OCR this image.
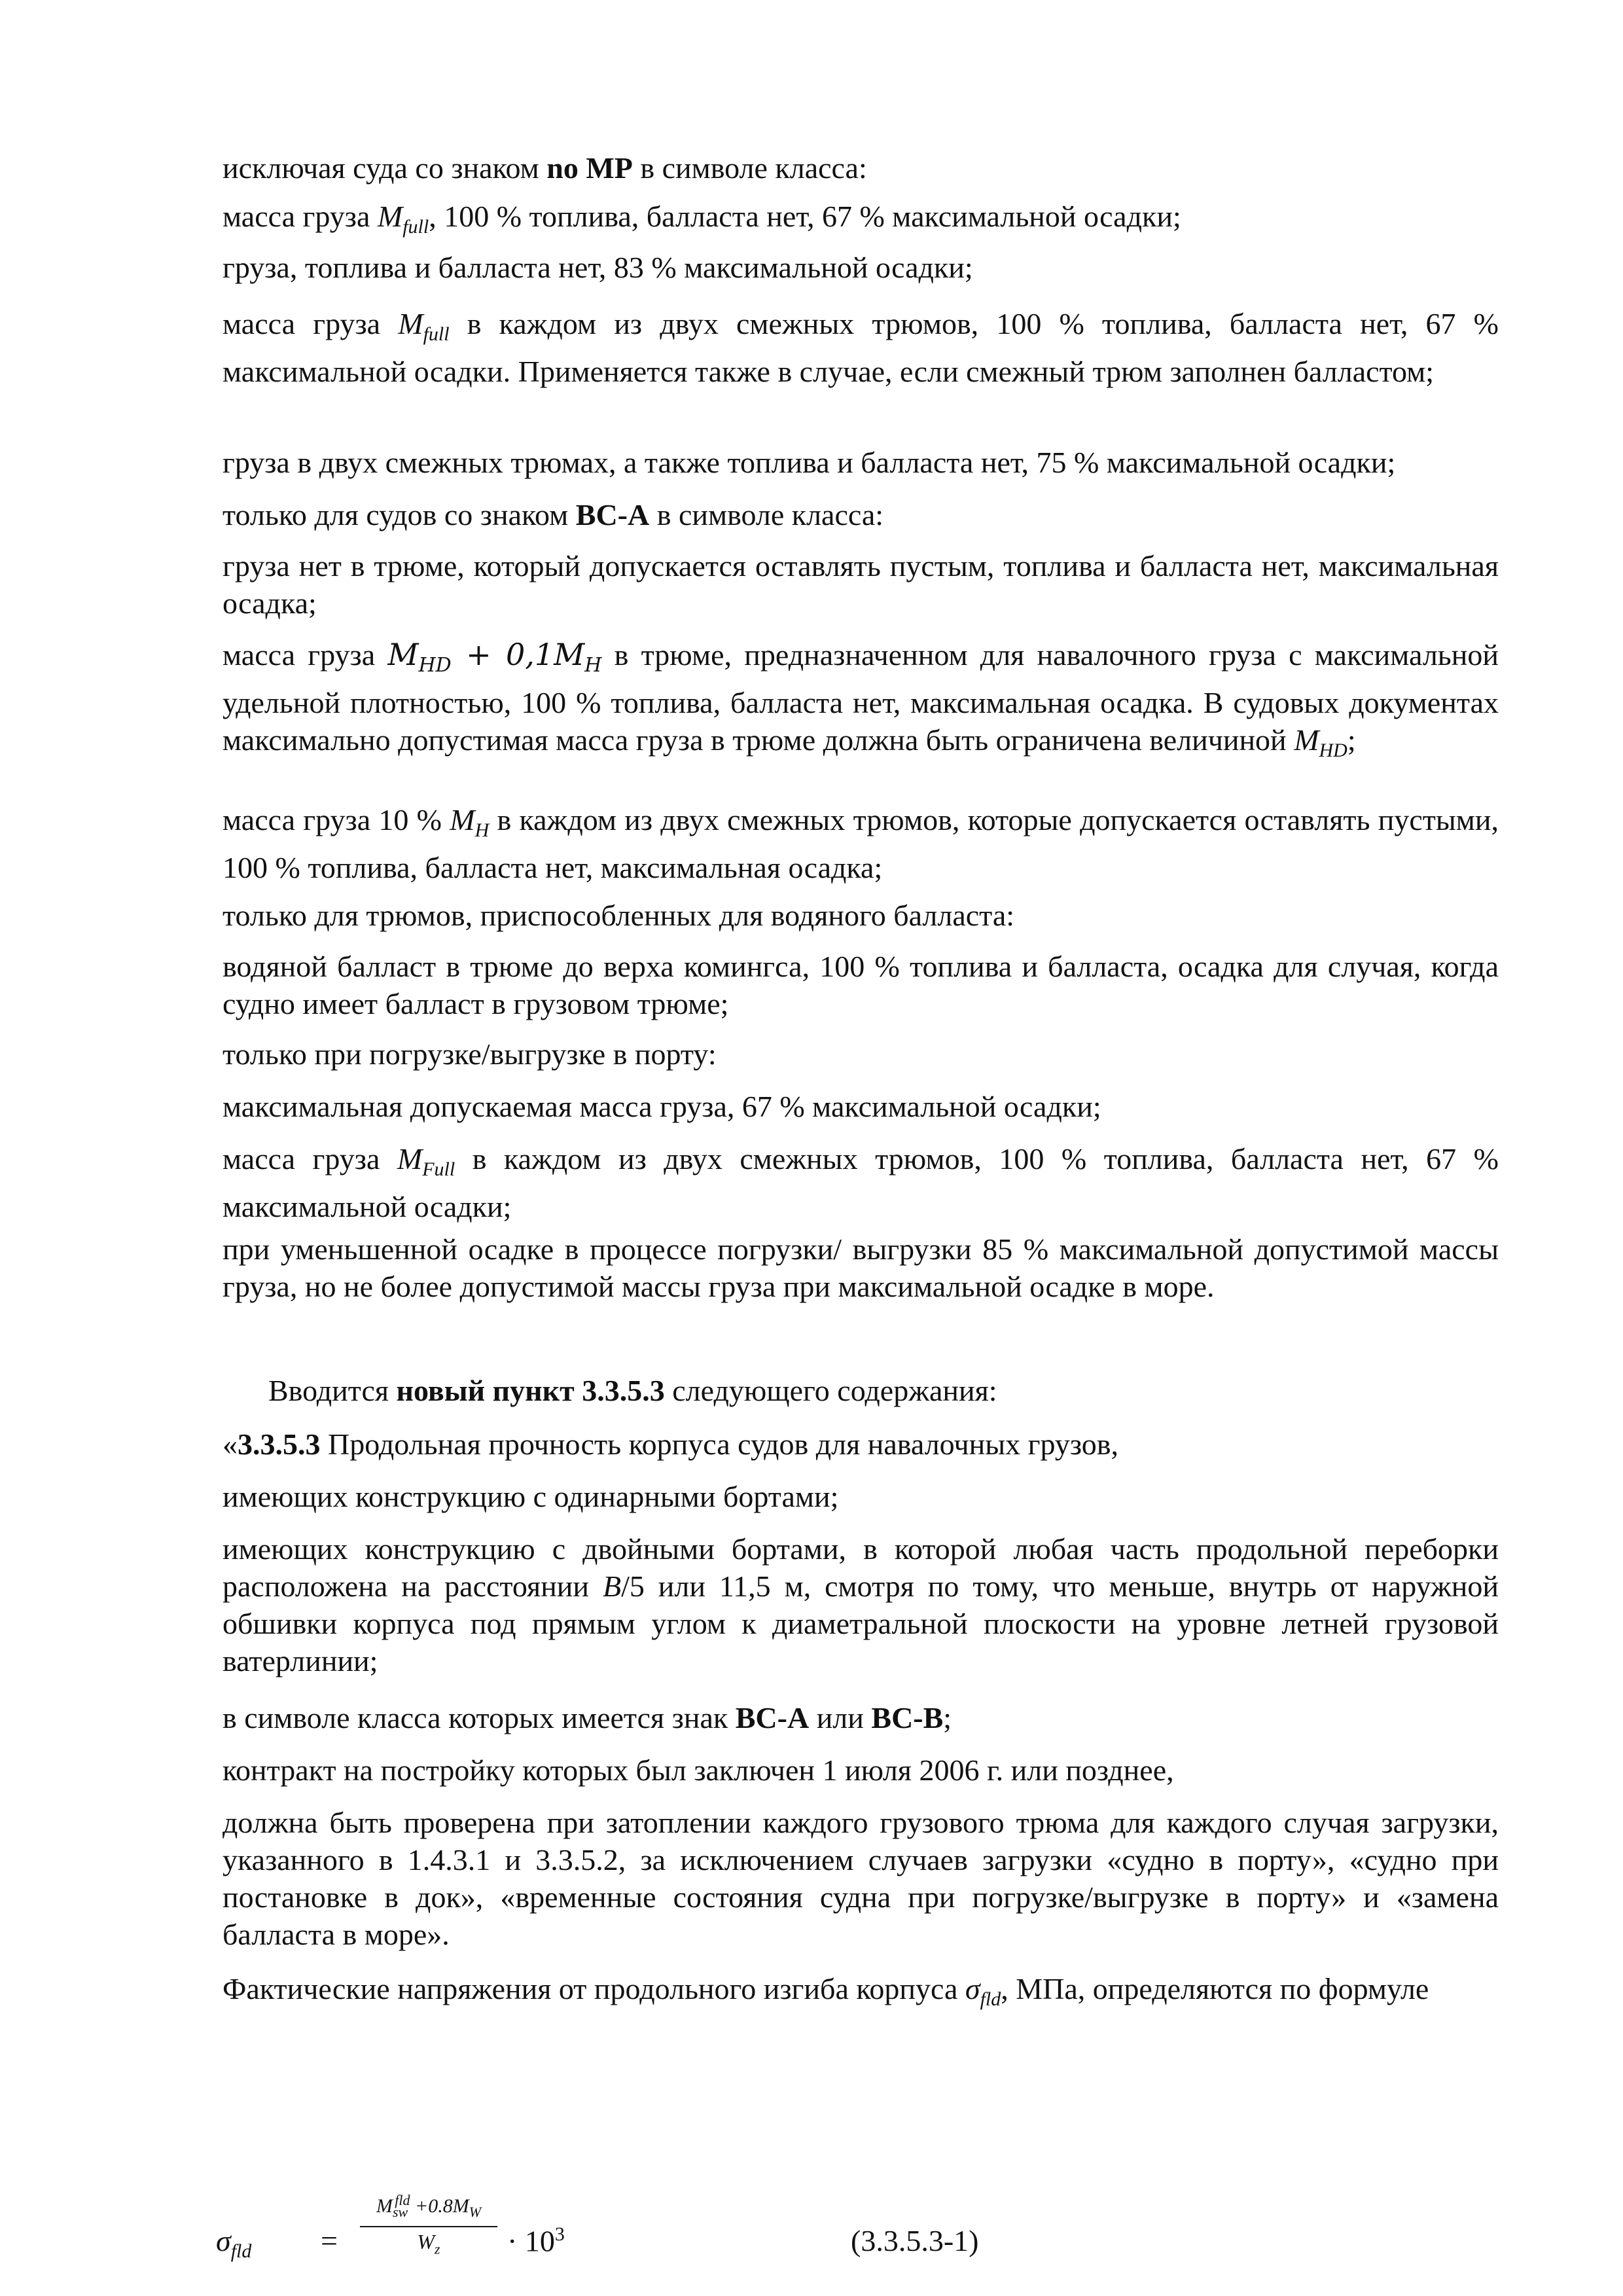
исключая суда со знаком no MP в символе класса:

масса груза $M_{full}$, 100 % топлива, балласта нет, 67 % максимальной осадки;

груза, топлива и балласта нет, 83 % максимальной осадки;

масса груза $M_{full}$ в каждом из двух смежных трюмов, 100 % топлива, балласта нет, 67 % максимальной осадки. Применяется также в случае, если смежный трюм заполнен балластом;

груза в двух смежных трюмах, а также топлива и балласта нет, 75 % максимальной осадки;

только для судов со знаком BC-A в символе класса:

груза нет в трюме, который допускается оставлять пустым, топлива и балласта нет, максимальная осадка;

масса груза $M_{HD} + 0,1M_H$ в трюме, предназначенном для навалочного груза с максимальной удельной плотностью, 100 % топлива, балласта нет, максимальная осадка. В судовых документах максимально допустимая масса груза в трюме должна быть ограничена величиной $M_{HD}$;

масса груза 10 % $M_H$ в каждом из двух смежных трюмов, которые допускается оставлять пустыми, 100 % топлива, балласта нет, максимальная осадка;

только для трюмов, приспособленных для водяного балласта:

водяной балласт в трюме до верха комингса, 100 % топлива и балласта, осадка для случая, когда судно имеет балласт в грузовом трюме;

только при погрузке/выгрузке в порту:

максимальная допускаемая масса груза, 67 % максимальной осадки;

масса груза $M_{Full}$ в каждом из двух смежных трюмов, 100 % топлива, балласта нет, 67 % максимальной осадки;

при уменьшенной осадке в процессе погрузки/ выгрузки 85 % максимальной допустимой массы груза, но не более допустимой массы груза при максимальной осадке в море.

Вводится новый пункт 3.3.5.3 следующего содержания:

«3.3.5.3 Продольная прочность корпуса судов для навалочных грузов,

имеющих конструкцию с одинарными бортами;

имеющих конструкцию с двойными бортами, в которой любая часть продольной переборки расположена на расстоянии B/5 или 11,5 м, смотря по тому, что меньше, внутрь от наружной обшивки корпуса под прямым углом к диаметральной плоскости на уровне летней грузовой ватерлинии;

в символе класса которых имеется знак BC-A или BC-B;

контракт на постройку которых был заключен 1 июля 2006 г. или позднее,

должна быть проверена при затоплении каждого грузового трюма для каждого случая загрузки, указанного в 1.4.3.1 и 3.3.5.2, за исключением случаев загрузки «судно в порту», «судно при постановке в док», «временные состояния судна при погрузке/выгрузке в порту» и «замена балласта в море».

Фактические напряжения от продольного изгиба корпуса $\sigma_{fld}$, МПа, определяются по формуле

$\sigma_{fld}$ =
$M_{sw}^{fld} +0.8M_W$
$W_z$	· $10^3$	(3.3.5.3-1)
